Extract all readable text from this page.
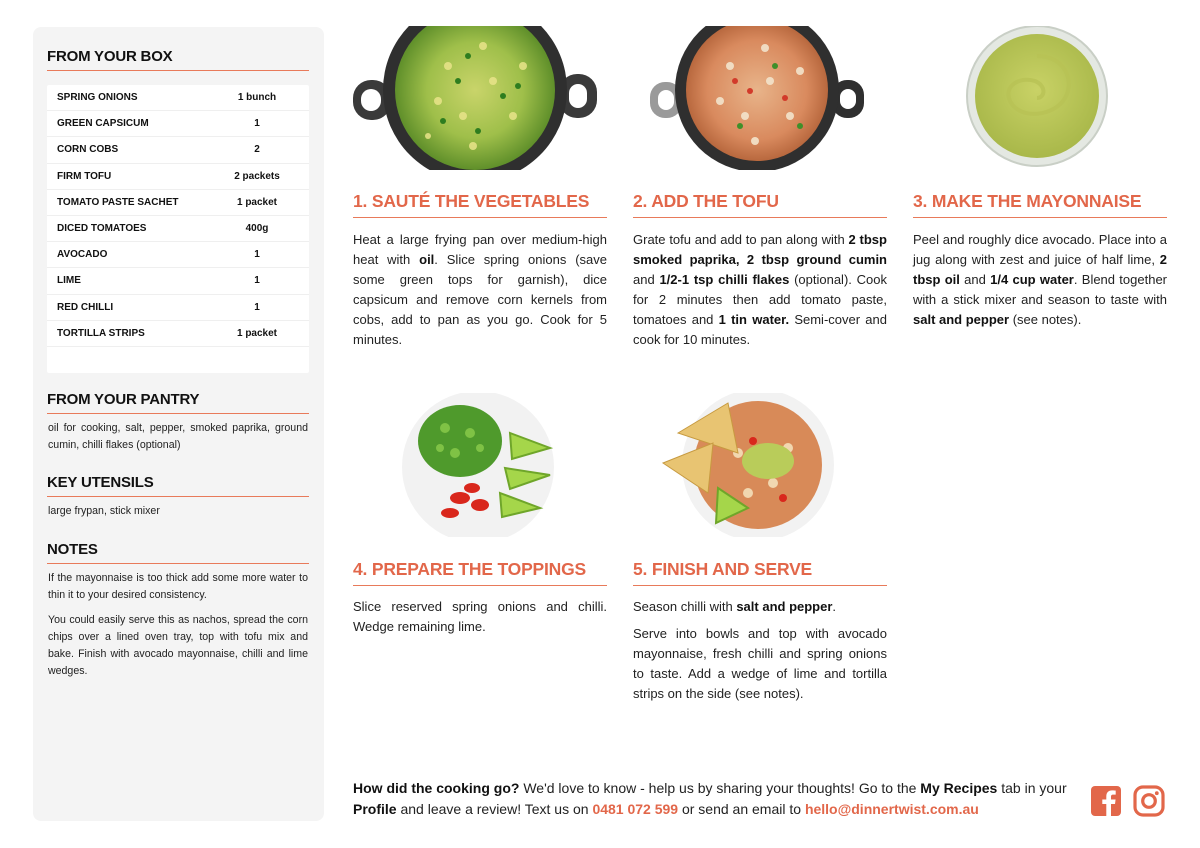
FROM YOUR BOX
SPRING ONIONS	1 bunch
GREEN CAPSICUM	1
CORN COBS	2
FIRM TOFU	2 packets
TOMATO PASTE SACHET	1 packet
DICED TOMATOES	400g
AVOCADO	1
LIME	1
RED CHILLI	1
TORTILLA STRIPS	1 packet
FROM YOUR PANTRY
oil for cooking, salt, pepper, smoked paprika, ground cumin, chilli flakes (optional)
KEY UTENSILS
large frypan, stick mixer
NOTES
If the mayonnaise is too thick add some more water to thin it to your desired consistency.
You could easily serve this as nachos, spread the corn chips over a lined oven tray, top with tofu mix and bake. Finish with avocado mayonnaise, chilli and lime wedges.
1. SAUTÉ THE VEGETABLES
Heat a large frying pan over medium-high heat with oil. Slice spring onions (save some green tops for garnish), dice capsicum and remove corn kernels from cobs, add to pan as you go. Cook for 5 minutes.
2. ADD THE TOFU
Grate tofu and add to pan along with 2 tbsp smoked paprika, 2 tbsp ground cumin and 1/2-1 tsp chilli flakes (optional). Cook for 2 minutes then add tomato paste, tomatoes and 1 tin water. Semi-cover and cook for 10 minutes.
3. MAKE THE MAYONNAISE
Peel and roughly dice avocado. Place into a jug along with zest and juice of half lime, 2 tbsp oil and 1/4 cup water. Blend together with a stick mixer and season to taste with salt and pepper (see notes).
4. PREPARE THE TOPPINGS
Slice reserved spring onions and chilli. Wedge remaining lime.
5. FINISH AND SERVE
Season chilli with salt and pepper.
Serve into bowls and top with avocado mayonnaise, fresh chilli and spring onions to taste. Add a wedge of lime and tortilla strips on the side (see notes).
How did the cooking go? We'd love to know - help us by sharing your thoughts! Go to the My Recipes tab in your Profile and leave a review! Text us on 0481 072 599 or send an email to hello@dinnertwist.com.au
